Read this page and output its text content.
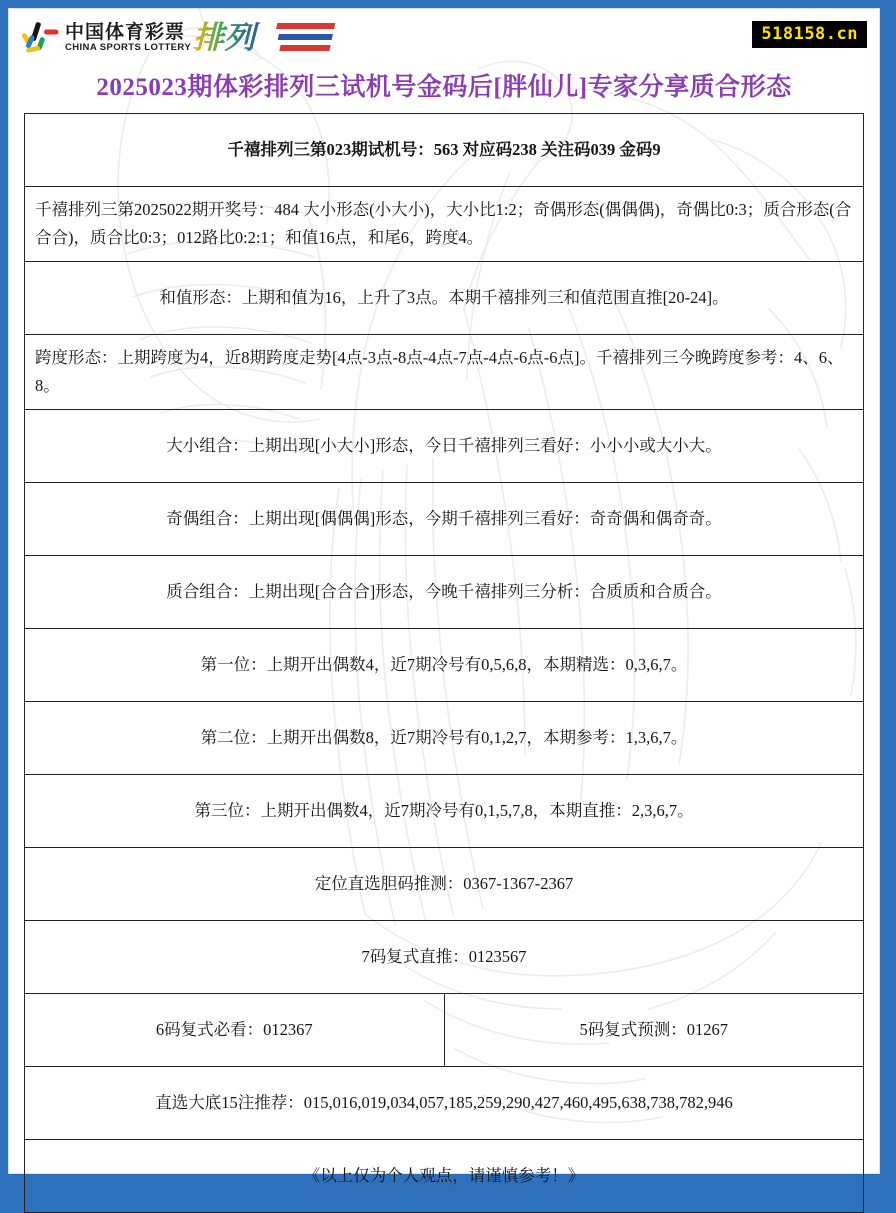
中国体育彩票
CHINA SPORTS LOTTERY 排列	518158.cn
2025023期体彩排列三试机号金码后[胖仙儿]专家分享质合形态
千禧排列三第023期试机号：563 对应码238 关注码039 金码9
千禧排列三第2025022期开奖号：484 大小形态(小大小)，大小比1:2；奇偶形态(偶偶偶)，奇偶比0:3；质合形态(合合合)，质合比0:3；012路比0:2:1；和值16点，和尾6，跨度4。
和值形态：上期和值为16，上升了3点。本期千禧排列三和值范围直推[20-24]。
跨度形态：上期跨度为4，近8期跨度走势[4点-3点-8点-4点-7点-4点-6点-6点]。千禧排列三今晚跨度参考：4、6、8。
大小组合：上期出现[小大小]形态，今日千禧排列三看好：小小小或大小大。
奇偶组合：上期出现[偶偶偶]形态，今期千禧排列三看好：奇奇偶和偶奇奇。
质合组合：上期出现[合合合]形态，今晚千禧排列三分析：合质质和合质合。
第一位：上期开出偶数4，近7期冷号有0,5,6,8，本期精选：0,3,6,7。
第二位：上期开出偶数8，近7期冷号有0,1,2,7，本期参考：1,3,6,7。
第三位：上期开出偶数4，近7期冷号有0,1,5,7,8，本期直推：2,3,6,7。
定位直选胆码推测：0367-1367-2367
7码复式直推：0123567
6码复式必看：012367	5码复式预测：01267
直选大底15注推荐：015,016,019,034,057,185,259,290,427,460,495,638,738,782,946
《以上仅为个人观点，请谨慎参考！》
